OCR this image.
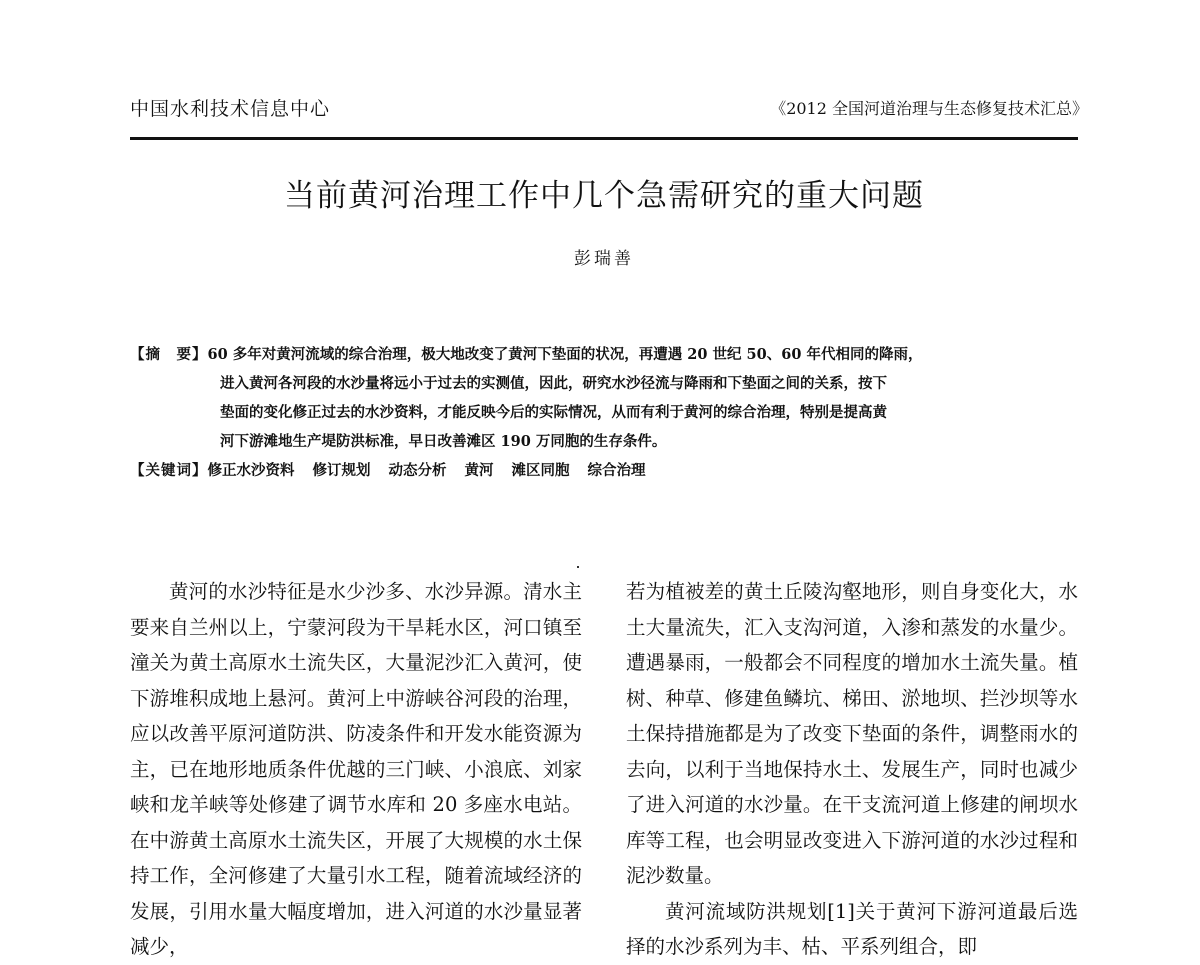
中国水利技术信息中心	《2012 全国河道治理与生态修复技术汇总》
当前黄河治理工作中几个急需研究的重大问题
彭瑞善
【摘　要】60 多年对黄河流域的综合治理，极大地改变了黄河下垫面的状况，再遭遇 20 世纪 50、60 年代相同的降雨，
进入黄河各河段的水沙量将远小于过去的实测值，因此，研究水沙径流与降雨和下垫面之间的关系，按下
垫面的变化修正过去的水沙资料，才能反映今后的实际情况，从而有利于黄河的综合治理，特别是提高黄
河下游滩地生产堤防洪标准，早日改善滩区 190 万同胞的生存条件。
【关键词】修正水沙资料 修订规划 动态分析 黄河 滩区同胞 综合治理

黄河的水沙特征是水少沙多、水沙异源。清水主要来自兰州以上，宁蒙河段为干旱耗水区，河口镇至潼关为黄土高原水土流失区，大量泥沙汇入黄河，使下游堆积成地上悬河。黄河上中游峡谷河段的治理，应以改善平原河道防洪、防凌条件和开发水能资源为主，已在地形地质条件优越的三门峡、小浪底、刘家峡和龙羊峡等处修建了调节水库和 20 多座水电站。在中游黄土高原水土流失区，开展了大规模的水土保持工作，全河修建了大量引水工程，随着流域经济的发展，引用水量大幅度增加，进入河道的水沙量显著减少，

若为植被差的黄土丘陵沟壑地形，则自身变化大，水土大量流失，汇入支沟河道，入渗和蒸发的水量少。遭遇暴雨，一般都会不同程度的增加水土流失量。植树、种草、修建鱼鳞坑、梯田、淤地坝、拦沙坝等水土保持措施都是为了改变下垫面的条件，调整雨水的去向，以利于当地保持水土、发展生产，同时也减少了进入河道的水沙量。在干支流河道上修建的闸坝水库等工程，也会明显改变进入下游河道的水沙过程和泥沙数量。

黄河流域防洪规划[1]关于黄河下游河道最后选择的水沙系列为丰、枯、平系列组合，即
